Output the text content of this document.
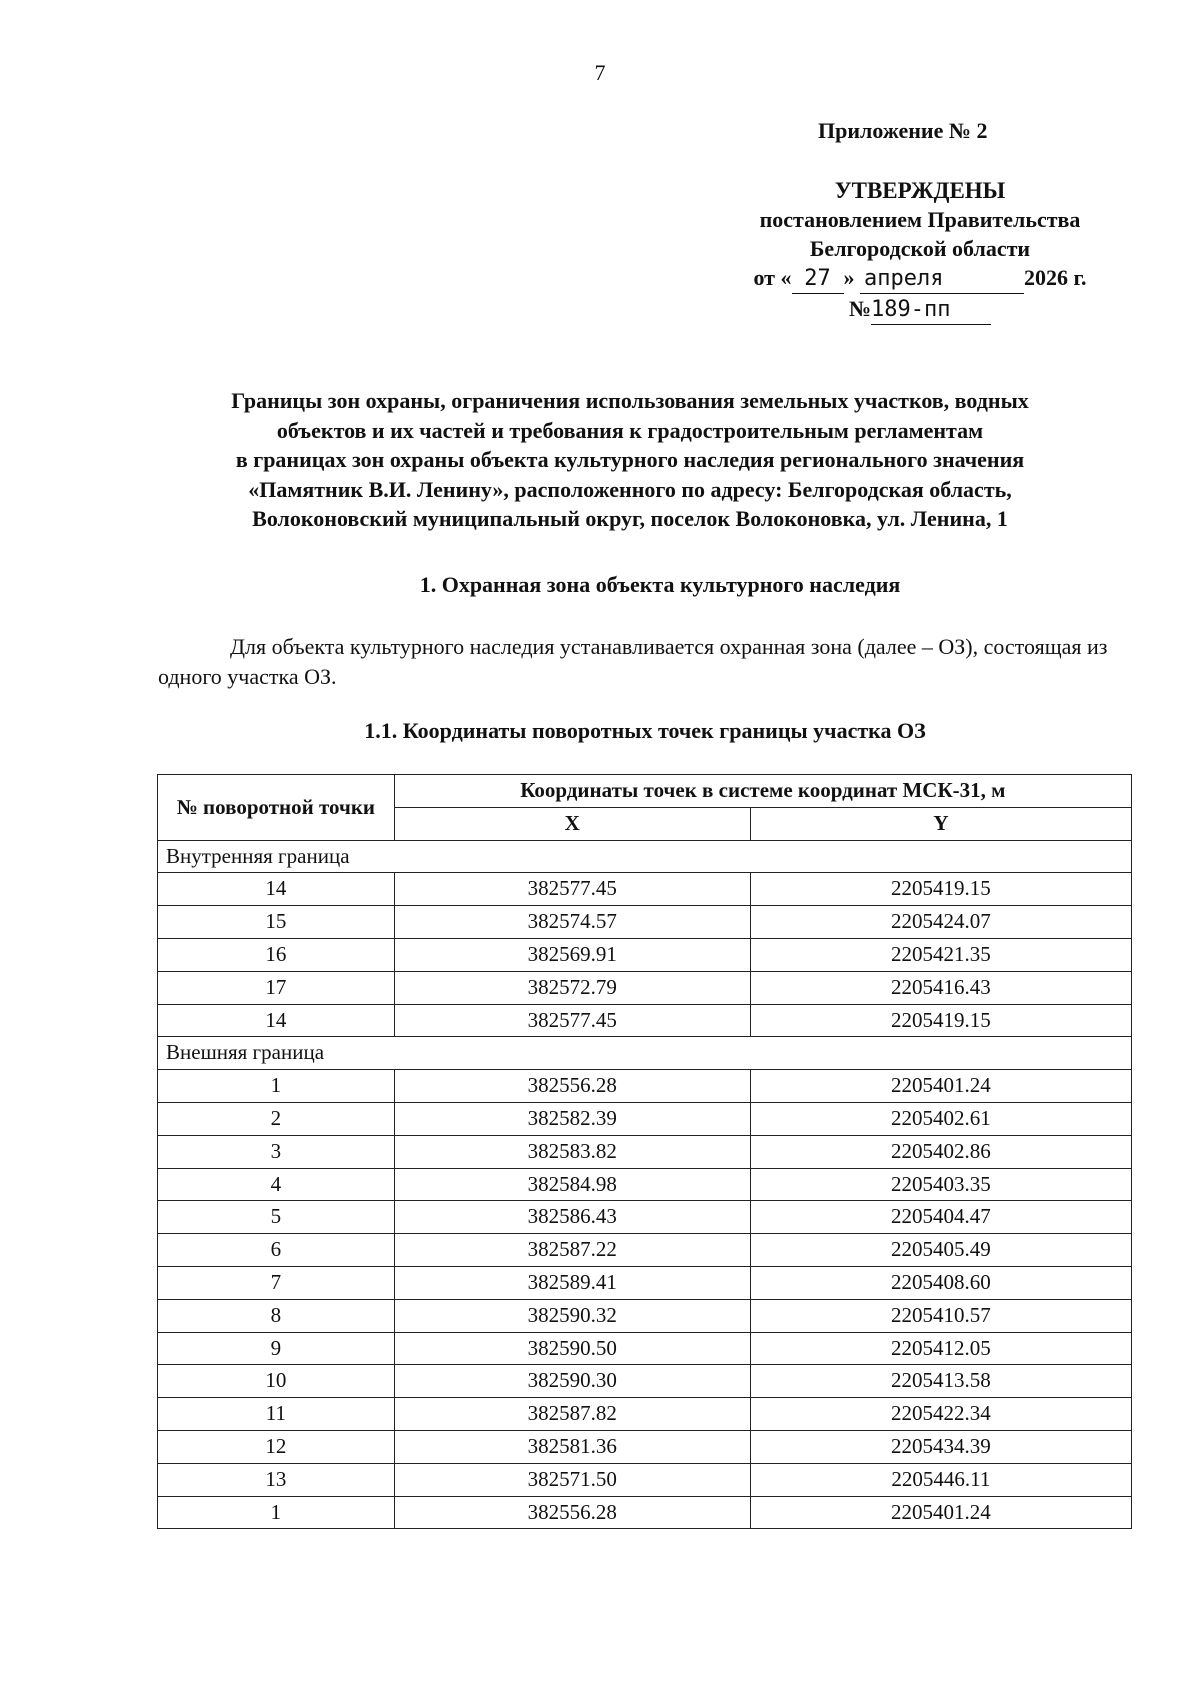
7
Приложение № 2
УТВЕРЖДЕНЫ
постановлением Правительства
Белгородской области
от « 27 » апреля	2026 г.
№189-пп
Границы зон охраны, ограничения использования земельных участков, водных
объектов и их частей и требования к градостроительным регламентам
в границах зон охраны объекта культурного наследия регионального значения
«Памятник В.И. Ленину», расположенного по адресу: Белгородская область,
Волоконовский муниципальный округ, поселок Волоконовка, ул. Ленина, 1
1. Охранная зона объекта культурного наследия
Для объекта культурного наследия устанавливается охранная зона (далее – ОЗ), состоящая из одного участка ОЗ.
1.1. Координаты поворотных точек границы участка ОЗ
№ поворотной точки	Координаты точек в системе координат МСК-31, м	
	X	Y
Внутренняя граница		
14	382577.45	2205419.15
15	382574.57	2205424.07
16	382569.91	2205421.35
17	382572.79	2205416.43
14	382577.45	2205419.15
Внешняя граница		
1	382556.28	2205401.24
2	382582.39	2205402.61
3	382583.82	2205402.86
4	382584.98	2205403.35
5	382586.43	2205404.47
6	382587.22	2205405.49
7	382589.41	2205408.60
8	382590.32	2205410.57
9	382590.50	2205412.05
10	382590.30	2205413.58
11	382587.82	2205422.34
12	382581.36	2205434.39
13	382571.50	2205446.11
1	382556.28	2205401.24
